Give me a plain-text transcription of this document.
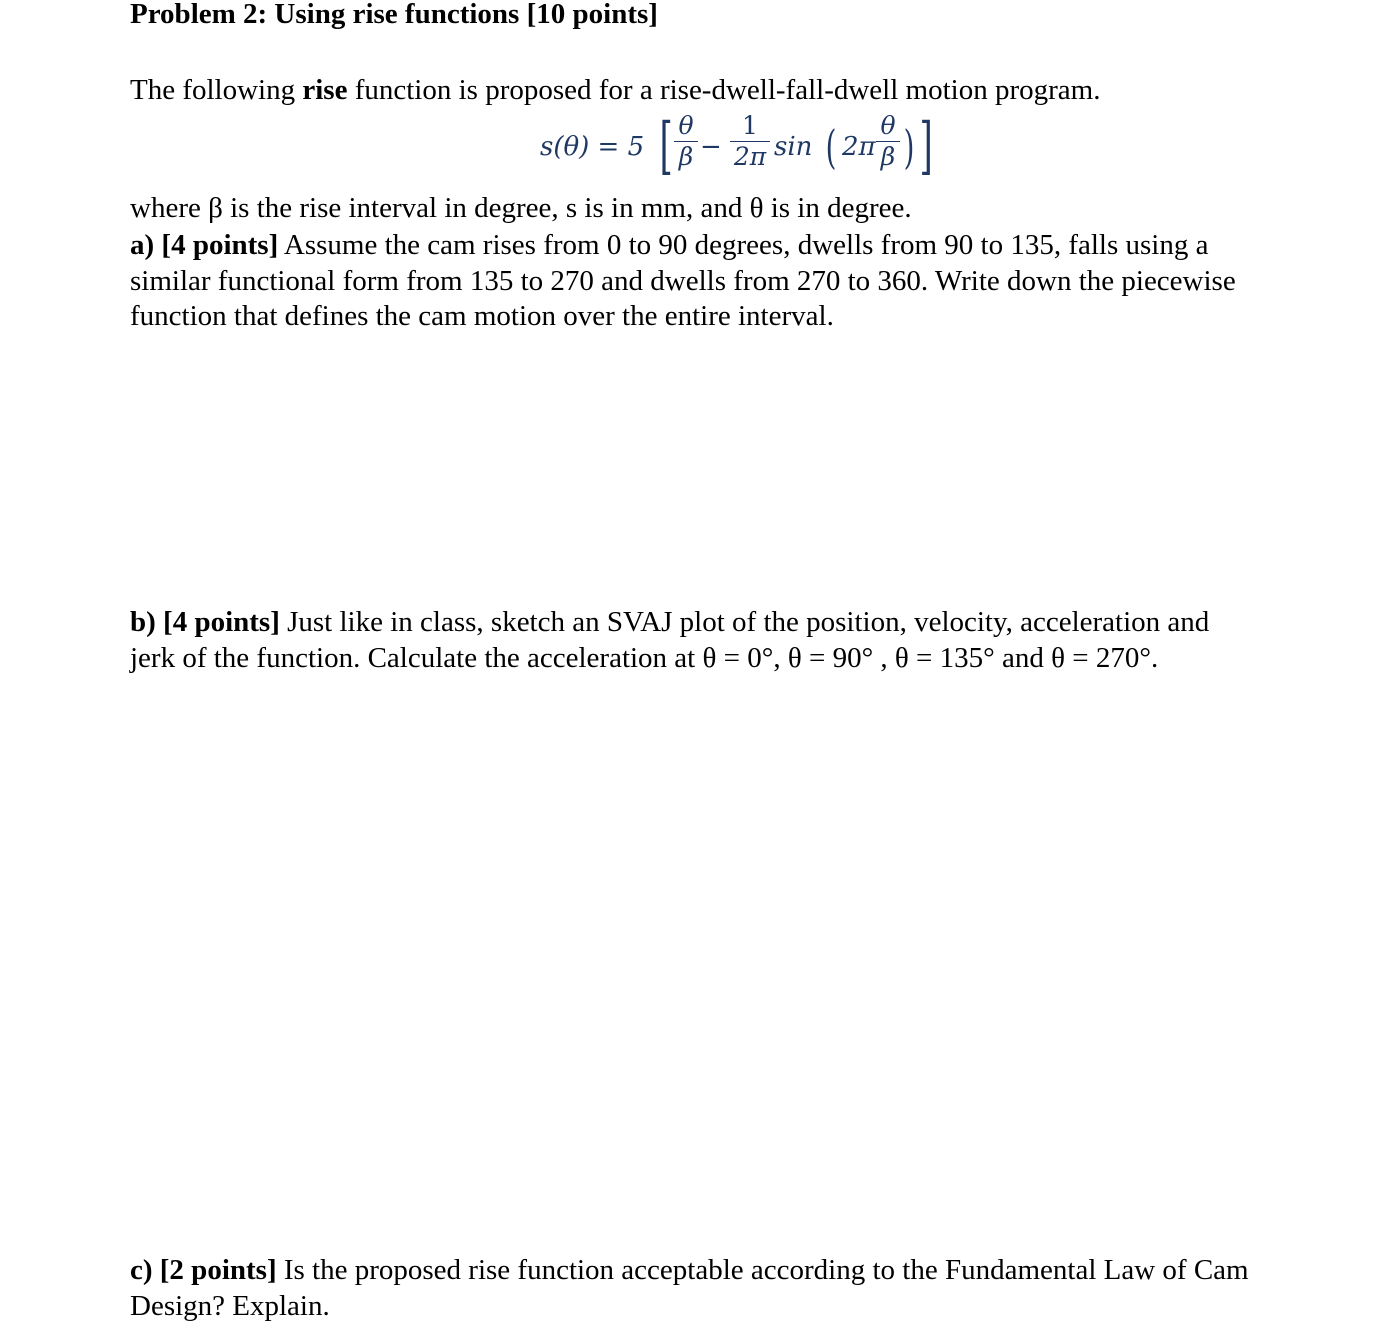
Problem 2: Using rise functions [10 points]
The following rise function is proposed for a rise-dwell-fall-dwell motion program.
s(θ) = 5 [ θ
β −
1
2π sin ( 2π
θ
β ) ]
where β is the rise interval in degree, s is in mm, and θ is in degree.
a) [4 points] Assume the cam rises from 0 to 90 degrees, dwells from 90 to 135, falls using a
similar functional form from 135 to 270 and dwells from 270 to 360. Write down the piecewise
function that defines the cam motion over the entire interval.
b) [4 points] Just like in class, sketch an SVAJ plot of the position, velocity, acceleration and
jerk of the function. Calculate the acceleration at θ = 0°, θ = 90° , θ = 135° and θ = 270°.
c) [2 points] Is the proposed rise function acceptable according to the Fundamental Law of Cam
Design? Explain.
